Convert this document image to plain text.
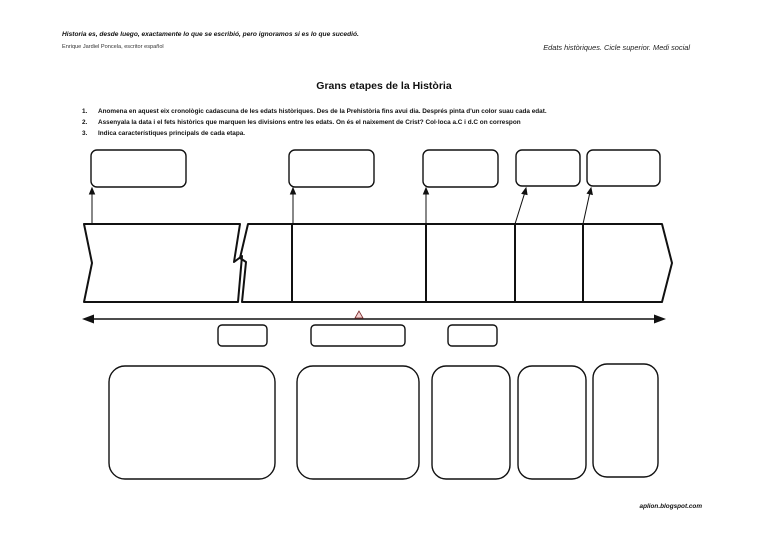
Historia es, desde luego, exactamente lo que se escribió, pero ignoramos si es lo que sucedió.
Enrique Jardiel Poncela, escritor español	Edats històriques. Cicle superior. Medi social
Grans etapes de la Història
1. Anomena en aquest eix cronològic cadascuna de les edats històriques. Des de la Prehistòria fins avui dia. Després pinta d'un color suau cada edat.
2. Assenyala la data i el fets històrics que marquen les divisions entre les edats. On és el naixement de Crist? Col·loca a.C i d.C on correspon
3. Indica característiques principals de cada etapa.
aplion.blogspot.com
